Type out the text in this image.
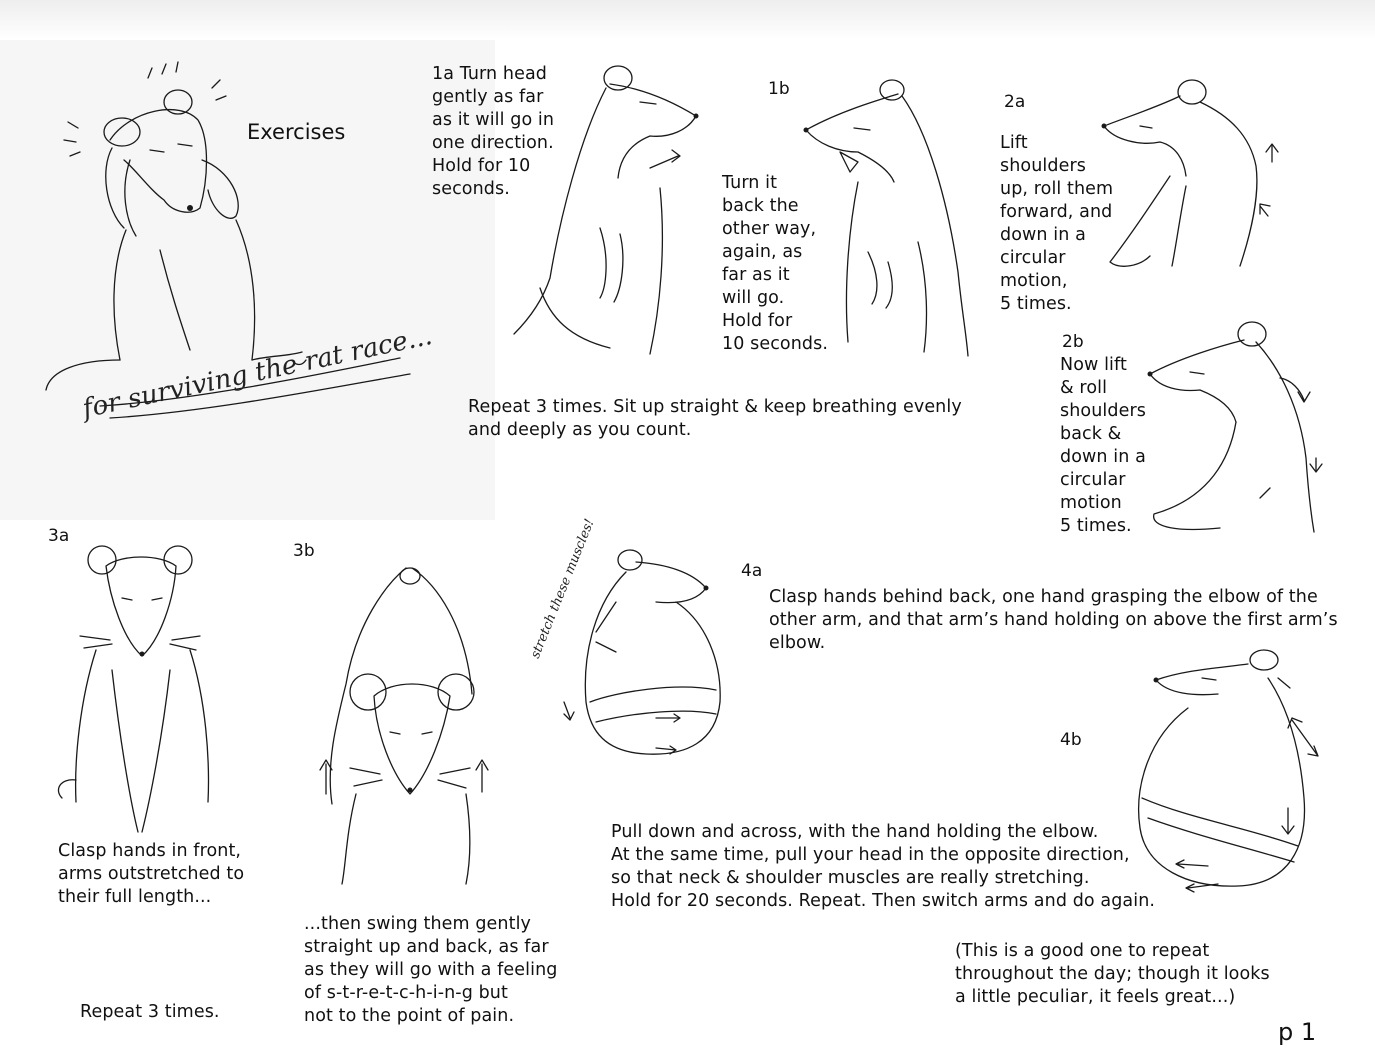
Exercises
for surviving the rat race...

1a Turn head
gently as far
as it will go in
one direction.
Hold for 10
seconds.

1b

Turn it
back the
other way,
again, as
far as it
will go.
Hold for
10 seconds.

2a

Lift
shoulders
up, roll them
forward, and
down in a
circular
motion,
5 times.

2b

Now lift
& roll
shoulders
back &
down in a
circular
motion
5 times.

Repeat 3 times. Sit up straight & keep breathing evenly
and deeply as you count.

3a

Clasp hands in front,
arms outstretched to
their full length...

Repeat 3 times.

3b

...then swing them gently
straight up and back, as far
as they will go with a feeling
of s-t-r-e-t-c-h-i-n-g but
not to the point of pain.

stretch these muscles!	4a

Clasp hands behind back, one hand grasping the elbow of the
other arm, and that arm’s hand holding on above the first arm’s
elbow.

4b

Pull down and across, with the hand holding the elbow.
At the same time, pull your head in the opposite direction,
so that neck & shoulder muscles are really stretching.
Hold for 20 seconds. Repeat. Then switch arms and do again.

(This is a good one to repeat
throughout the day; though it looks
a little peculiar, it feels great...)

p 1
